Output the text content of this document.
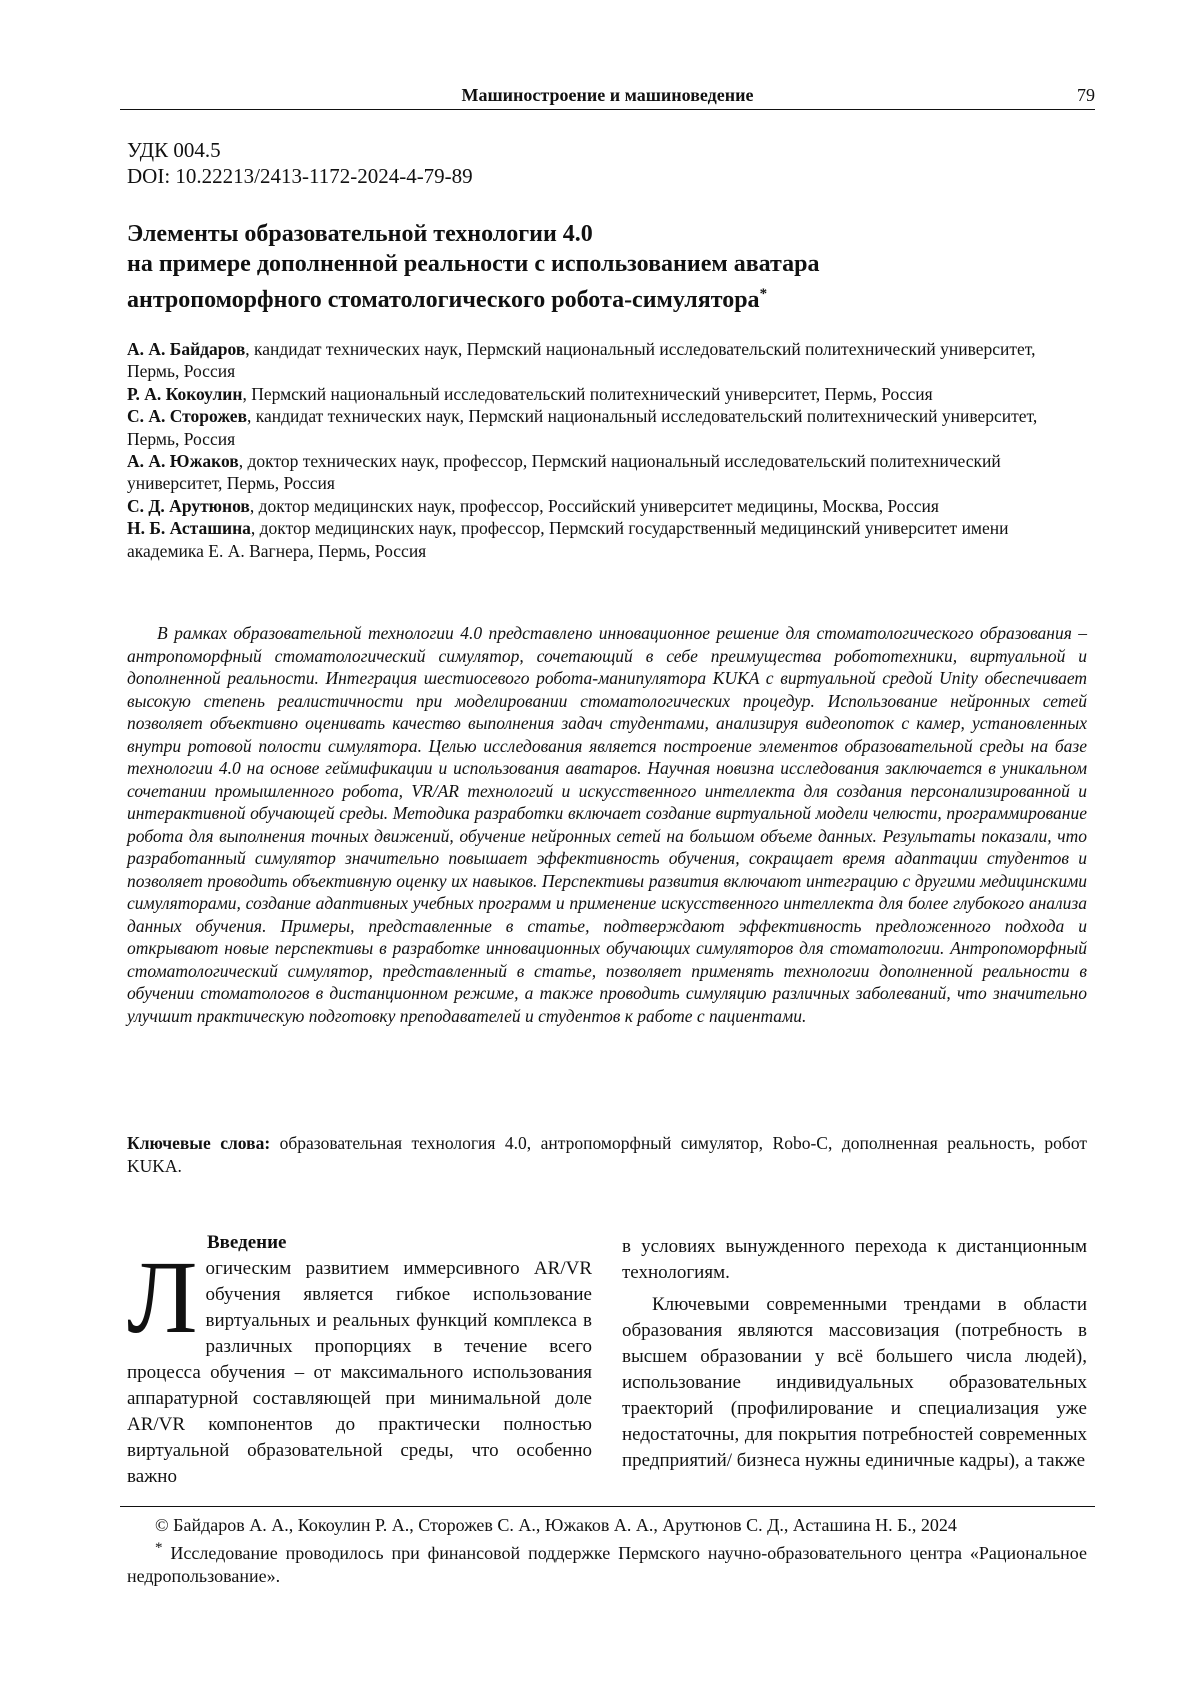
Машиностроение и машиноведение	79
УДК 004.5
DOI: 10.22213/2413-1172-2024-4-79-89
Элементы образовательной технологии 4.0
на примере дополненной реальности с использованием аватара
антропоморфного стоматологического робота-симулятора*

А. А. Байдаров, кандидат технических наук, Пермский национальный исследовательский политехнический университет, Пермь, Россия

Р. А. Кокоулин, Пермский национальный исследовательский политехнический университет, Пермь, Россия

С. А. Сторожев, кандидат технических наук, Пермский национальный исследовательский политехнический университет, Пермь, Россия

А. А. Южаков, доктор технических наук, профессор, Пермский национальный исследовательский политехнический университет, Пермь, Россия

С. Д. Арутюнов, доктор медицинских наук, профессор, Российский университет медицины, Москва, Россия

Н. Б. Асташина, доктор медицинских наук, профессор, Пермский государственный медицинский университет имени академика Е. А. Вагнера, Пермь, Россия

В рамках образовательной технологии 4.0 представлено инновационное решение для стоматологического образования – антропоморфный стоматологический симулятор, сочетающий в себе преимущества робототехники, виртуальной и дополненной реальности. Интеграция шестиосевого робота-манипулятора KUKA с виртуальной средой Unity обеспечивает высокую степень реалистичности при моделировании стоматологических процедур. Использование нейронных сетей позволяет объективно оценивать качество выполнения задач студентами, анализируя видеопоток с камер, установленных внутри ротовой полости симулятора. Целью исследования является построение элементов образовательной среды на базе технологии 4.0 на основе геймификации и использования аватаров. Научная новизна исследования заключается в уникальном сочетании промышленного робота, VR/AR технологий и искусственного интеллекта для создания персонализированной и интерактивной обучающей среды. Методика разработки включает создание виртуальной модели челюсти, программирование робота для выполнения точных движений, обучение нейронных сетей на большом объеме данных. Результаты показали, что разработанный симулятор значительно повышает эффективность обучения, сокращает время адаптации студентов и позволяет проводить объективную оценку их навыков. Перспективы развития включают интеграцию с другими медицинскими симуляторами, создание адаптивных учебных программ и применение искусственного интеллекта для более глубокого анализа данных обучения. Примеры, представленные в статье, подтверждают эффективность предложенного подхода и открывают новые перспективы в разработке инновационных обучающих симуляторов для стоматологии. Антропоморфный стоматологический симулятор, представленный в статье, позволяет применять технологии дополненной реальности в обучении стоматологов в дистанционном режиме, а также проводить симуляцию различных заболеваний, что значительно улучшит практическую подготовку преподавателей и студентов к работе с пациентами.

Ключевые слова: образовательная технология 4.0, антропоморфный симулятор, Robo-C, дополненная реальность, робот KUKA.

Введение

Логическим развитием иммерсивного AR/VR обучения является гибкое использование виртуальных и реальных функций комплекса в различных пропорциях в течение всего процесса обучения – от максимального использования аппаратурной составляющей при минимальной доле AR/VR компонентов до практически полностью виртуальной образовательной среды, что особенно важно

в условиях вынужденного перехода к дистанционным технологиям.

Ключевыми современными трендами в области образования являются массовизация (потребность в высшем образовании у всё большего числа людей), использование индивидуальных образовательных траекторий (профилирование и специализация уже недостаточны, для покрытия потребностей современных предприятий/ бизнеса нужны единичные кадры), а также

© Байдаров А. А., Кокоулин Р. А., Сторожев С. А., Южаков А. А., Арутюнов С. Д., Асташина Н. Б., 2024

* Исследование проводилось при финансовой поддержке Пермского научно-образовательного центра «Рациональное недропользование».
